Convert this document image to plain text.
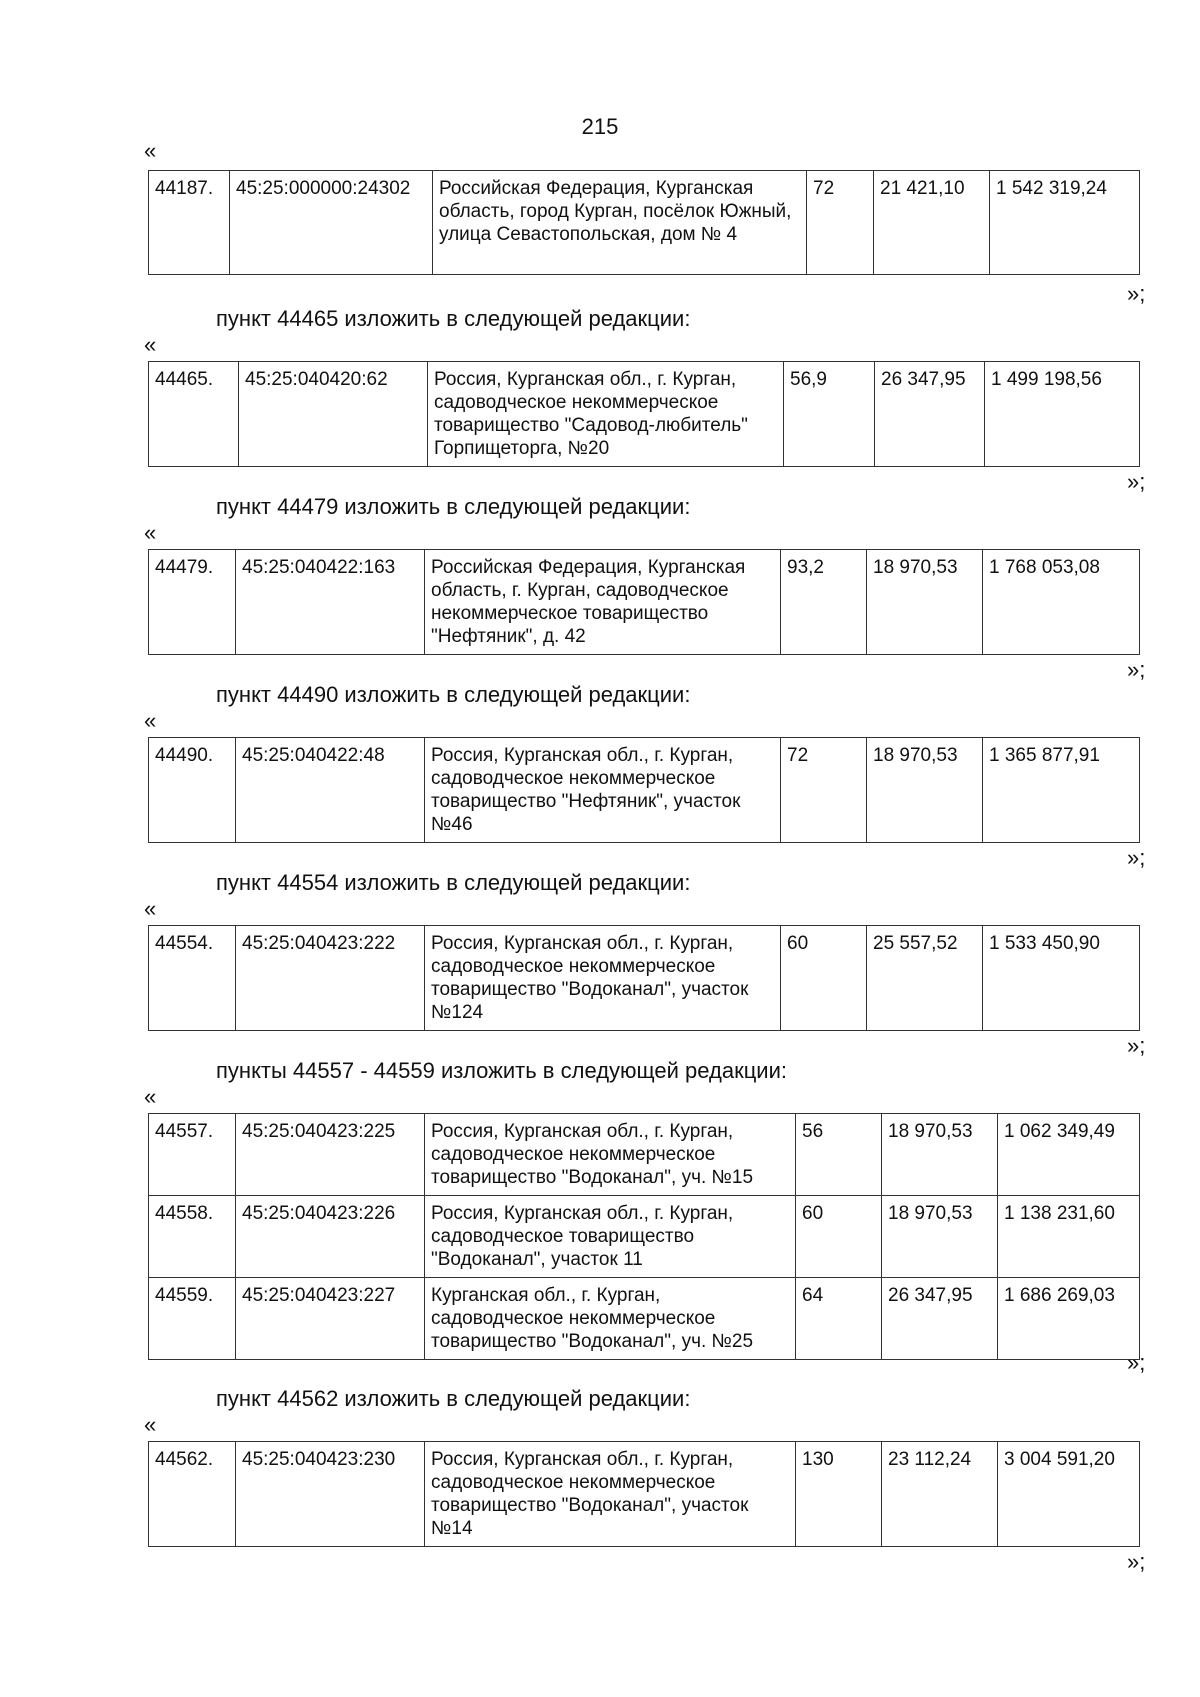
215
«
44187.	45:25:000000:24302	Российская Федерация, Курганская область, город Курган, посёлок Южный, улица Севастопольская, дом № 4	72	21 421,10	1 542 319,24
»;
пункт 44465 изложить в следующей редакции:
«
44465.	45:25:040420:62	Россия, Курганская обл., г. Курган, садоводческое некоммерческое товарищество "Садовод-любитель" Горпищеторга, №20	56,9	26 347,95	1 499 198,56
»;
пункт 44479 изложить в следующей редакции:
«
44479.	45:25:040422:163	Российская Федерация, Курганская область, г. Курган, садоводческое некоммерческое товарищество "Нефтяник", д. 42	93,2	18 970,53	1 768 053,08
»;
пункт 44490 изложить в следующей редакции:
«
44490.	45:25:040422:48	Россия, Курганская обл., г. Курган, садоводческое некоммерческое товарищество "Нефтяник", участок №46	72	18 970,53	1 365 877,91
»;
пункт 44554 изложить в следующей редакции:
«
44554.	45:25:040423:222	Россия, Курганская обл., г. Курган, садоводческое некоммерческое товарищество "Водоканал", участок №124	60	25 557,52	1 533 450,90
»;
пункты 44557 - 44559 изложить в следующей редакции:
«
44557.	45:25:040423:225	Россия, Курганская обл., г. Курган, садоводческое некоммерческое товарищество "Водоканал", уч. №15	56	18 970,53	1 062 349,49
44558.	45:25:040423:226	Россия, Курганская обл., г. Курган, садоводческое товарищество "Водоканал", участок 11	60	18 970,53	1 138 231,60
44559.	45:25:040423:227	Курганская обл., г. Курган, садоводческое некоммерческое товарищество "Водоканал", уч. №25	64	26 347,95	1 686 269,03
»;
пункт 44562 изложить в следующей редакции:
«
44562.	45:25:040423:230	Россия, Курганская обл., г. Курган, садоводческое некоммерческое товарищество "Водоканал", участок №14	130	23 112,24	3 004 591,20
»;
